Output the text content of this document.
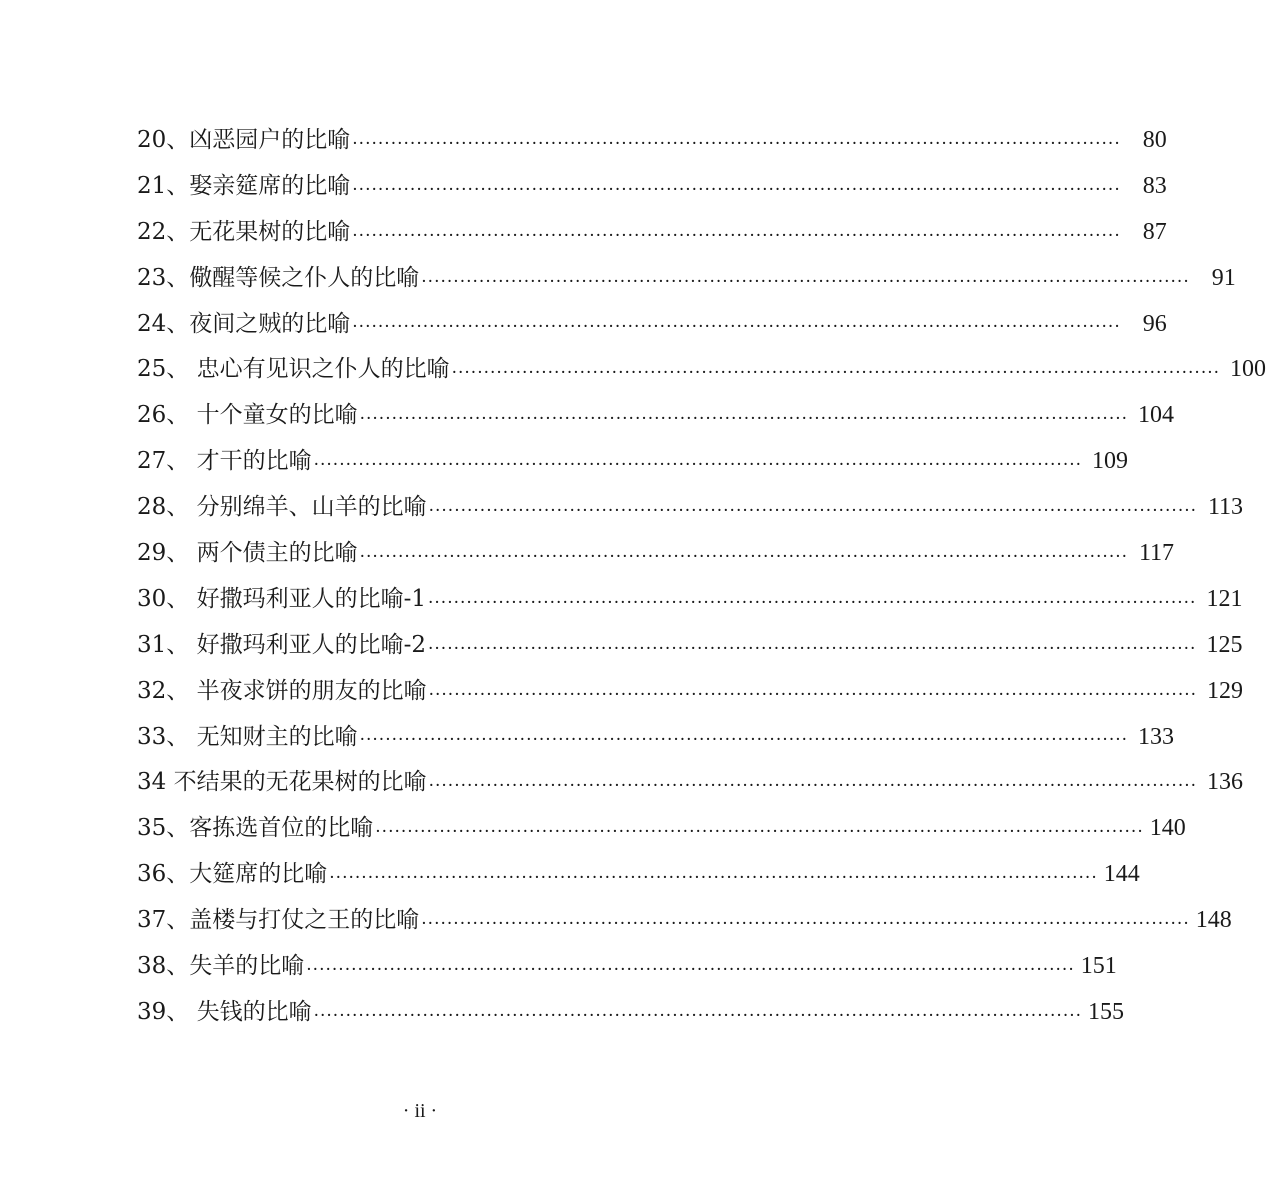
20、凶恶园户的比喻 ························································································································ 80
21、娶亲筵席的比喻 ························································································································ 83
22、无花果树的比喻 ························································································································ 87
23、儆醒等候之仆人的比喻 ························································································································ 91
24、夜间之贼的比喻 ························································································································ 96
25、 忠心有见识之仆人的比喻 ························································································································ 100
26、 十个童女的比喻 ························································································································ 104
27、 才干的比喻 ························································································································ 109
28、 分别绵羊、山羊的比喻 ························································································································ 113
29、 两个债主的比喻 ························································································································ 117
30、 好撒玛利亚人的比喻-1 ························································································································ 121
31、 好撒玛利亚人的比喻-2 ························································································································ 125
32、 半夜求饼的朋友的比喻 ························································································································ 129
33、 无知财主的比喻 ························································································································ 133
34 不结果的无花果树的比喻 ························································································································ 136
35、客拣选首位的比喻 ························································································································ 140
36、大筵席的比喻 ························································································································ 144
37、盖楼与打仗之王的比喻 ························································································································ 148
38、失羊的比喻 ························································································································ 151
39、 失钱的比喻 ························································································································ 155
· ii ·
